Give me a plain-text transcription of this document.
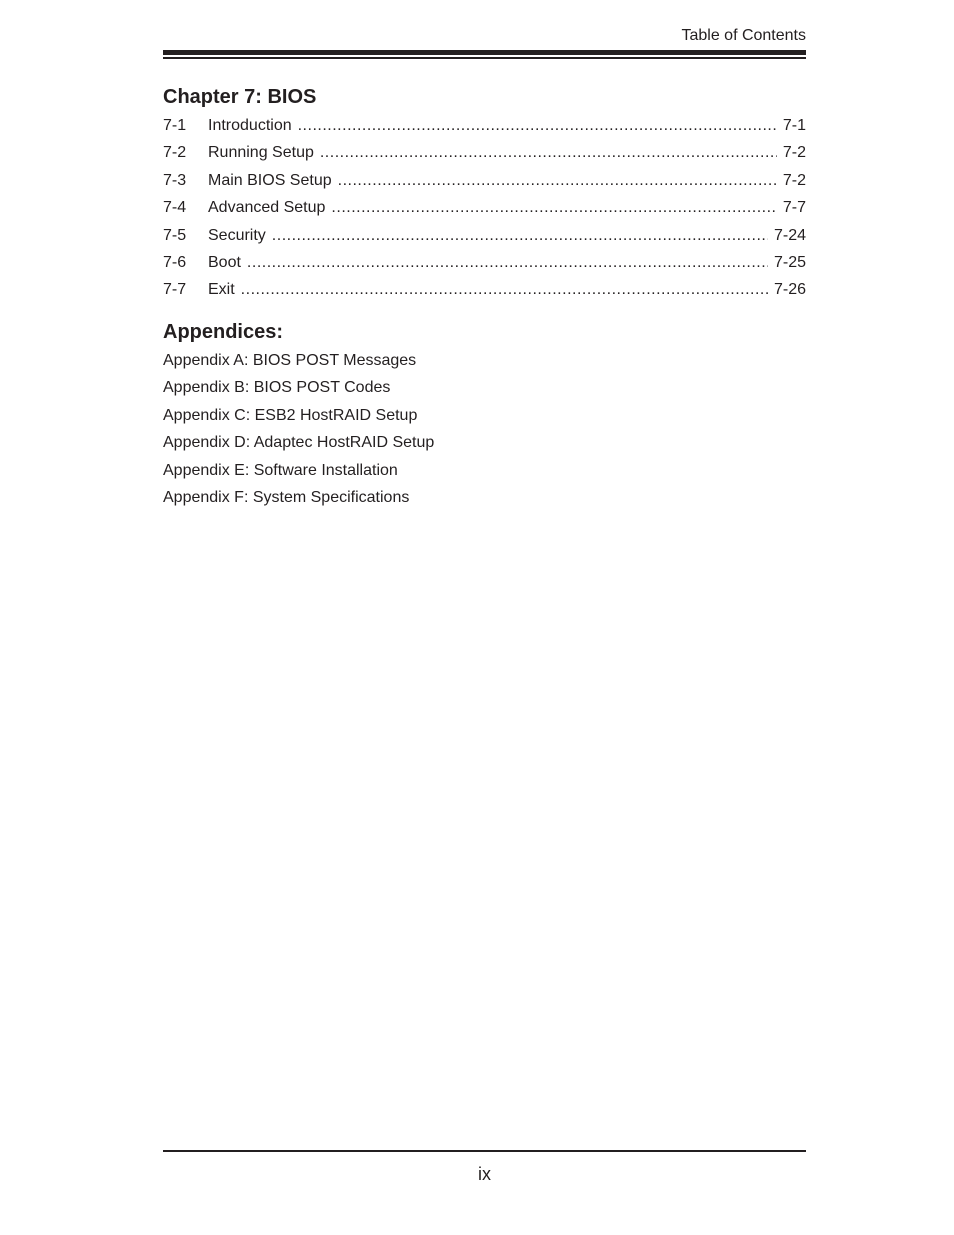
Table of Contents
Chapter 7: BIOS
7-1	Introduction .....	7-1
7-2	Running Setup .....	7-2
7-3	Main BIOS Setup .....	7-2
7-4	Advanced Setup .....	7-7
7-5	Security .....	7-24
7-6	Boot .....	7-25
7-7	Exit .....	7-26
Appendices:
Appendix A: BIOS POST Messages
Appendix B: BIOS POST Codes
Appendix C: ESB2 HostRAID Setup
Appendix D: Adaptec HostRAID Setup
Appendix E: Software Installation
Appendix F: System Specifications
ix
